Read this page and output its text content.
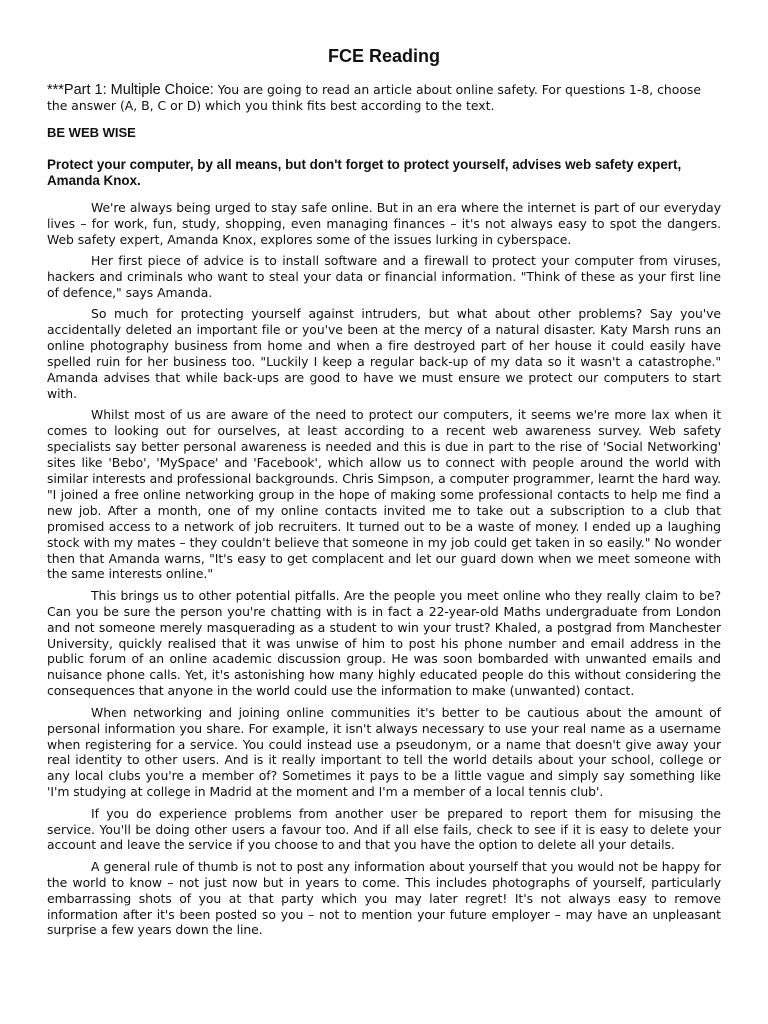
FCE Reading

***Part 1: Multiple Choice: You are going to read an article about online safety. For questions 1-8, choose the answer (A, B, C or D) which you think fits best according to the text.

BE WEB WISE
Protect your computer, by all means, but don't forget to protect yourself, advises web safety expert, Amanda Knox.

We're always being urged to stay safe online. But in an era where the internet is part of our everyday lives – for work, fun, study, shopping, even managing finances – it's not always easy to spot the dangers. Web safety expert, Amanda Knox, explores some of the issues lurking in cyberspace.

Her first piece of advice is to install software and a firewall to protect your computer from viruses, hackers and criminals who want to steal your data or financial information. "Think of these as your first line of defence," says Amanda.

So much for protecting yourself against intruders, but what about other problems? Say you've accidentally deleted an important file or you've been at the mercy of a natural disaster. Katy Marsh runs an online photography business from home and when a fire destroyed part of her house it could easily have spelled ruin for her business too. "Luckily I keep a regular back-up of my data so it wasn't a catastrophe." Amanda advises that while back-ups are good to have we must ensure we protect our computers to start with.

Whilst most of us are aware of the need to protect our computers, it seems we're more lax when it comes to looking out for ourselves, at least according to a recent web awareness survey. Web safety specialists say better personal awareness is needed and this is due in part to the rise of 'Social Networking' sites like 'Bebo', 'MySpace' and 'Facebook', which allow us to connect with people around the world with similar interests and professional backgrounds. Chris Simpson, a computer programmer, learnt the hard way. "I joined a free online networking group in the hope of making some professional contacts to help me find a new job. After a month, one of my online contacts invited me to take out a subscription to a club that promised access to a network of job recruiters. It turned out to be a waste of money. I ended up a laughing stock with my mates – they couldn't believe that someone in my job could get taken in so easily." No wonder then that Amanda warns, "It's easy to get complacent and let our guard down when we meet someone with the same interests online."

This brings us to other potential pitfalls. Are the people you meet online who they really claim to be? Can you be sure the person you're chatting with is in fact a 22-year-old Maths undergraduate from London and not someone merely masquerading as a student to win your trust? Khaled, a postgrad from Manchester University, quickly realised that it was unwise of him to post his phone number and email address in the public forum of an online academic discussion group. He was soon bombarded with unwanted emails and nuisance phone calls. Yet, it's astonishing how many highly educated people do this without considering the consequences that anyone in the world could use the information to make (unwanted) contact.

When networking and joining online communities it's better to be cautious about the amount of personal information you share. For example, it isn't always necessary to use your real name as a username when registering for a service. You could instead use a pseudonym, or a name that doesn't give away your real identity to other users. And is it really important to tell the world details about your school, college or any local clubs you're a member of? Sometimes it pays to be a little vague and simply say something like 'I'm studying at college in Madrid at the moment and I'm a member of a local tennis club'.

If you do experience problems from another user be prepared to report them for misusing the service. You'll be doing other users a favour too. And if all else fails, check to see if it is easy to delete your account and leave the service if you choose to and that you have the option to delete all your details.

A general rule of thumb is not to post any information about yourself that you would not be happy for the world to know – not just now but in years to come. This includes photographs of yourself, particularly embarrassing shots of you at that party which you may later regret! It's not always easy to remove information after it's been posted so you – not to mention your future employer – may have an unpleasant surprise a few years down the line.
